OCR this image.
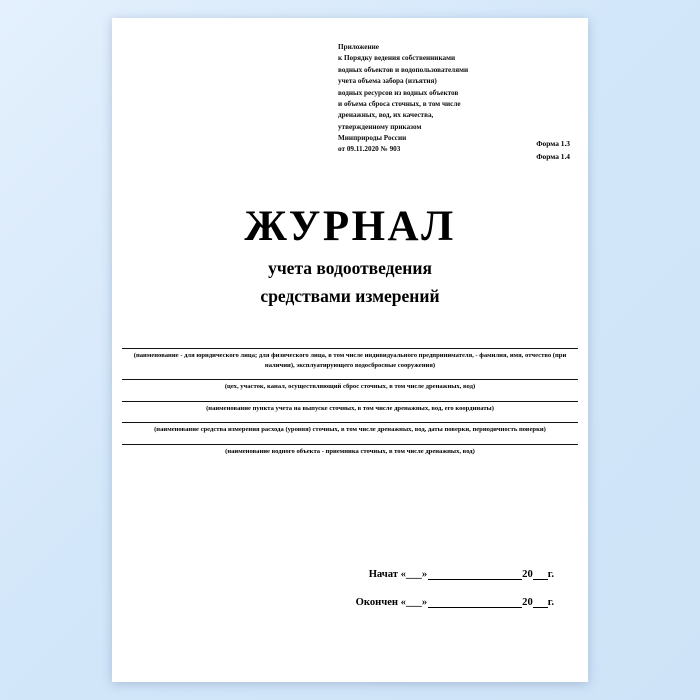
Приложение
к Порядку ведения собственниками
водных объектов и водопользователями
учета объема забора (изъятия)
водных ресурсов из водных объектов
и объема сброса сточных, в том числе
дренажных, вод, их качества,
утвержденному приказом
Минприроды России
от 09.11.2020 № 903
Форма 1.3
Форма 1.4
ЖУРНАЛ
учета водоотведения
средствами измерений
(наименование - для юридического лица; для физического лица, в том числе индивидуального предпринимателя, - фамилия, имя, отчество (при наличии), эксплуатирующего водосбросные сооружения)
(цех, участок, канал, осуществляющий сброс сточных, в том числе дренажных, вод)
(наименование пункта учета на выпуске сточных, в том числе дренажных, вод, его координаты)
(наименование средства измерения расхода (уровня) сточных, в том числе дренажных, вод, даты поверки, периодичность поверки)
(наименование водного объекта - приемника сточных, в том числе дренажных, вод)
Начат «___»	20 г.
Окончен «___»	20 г.
